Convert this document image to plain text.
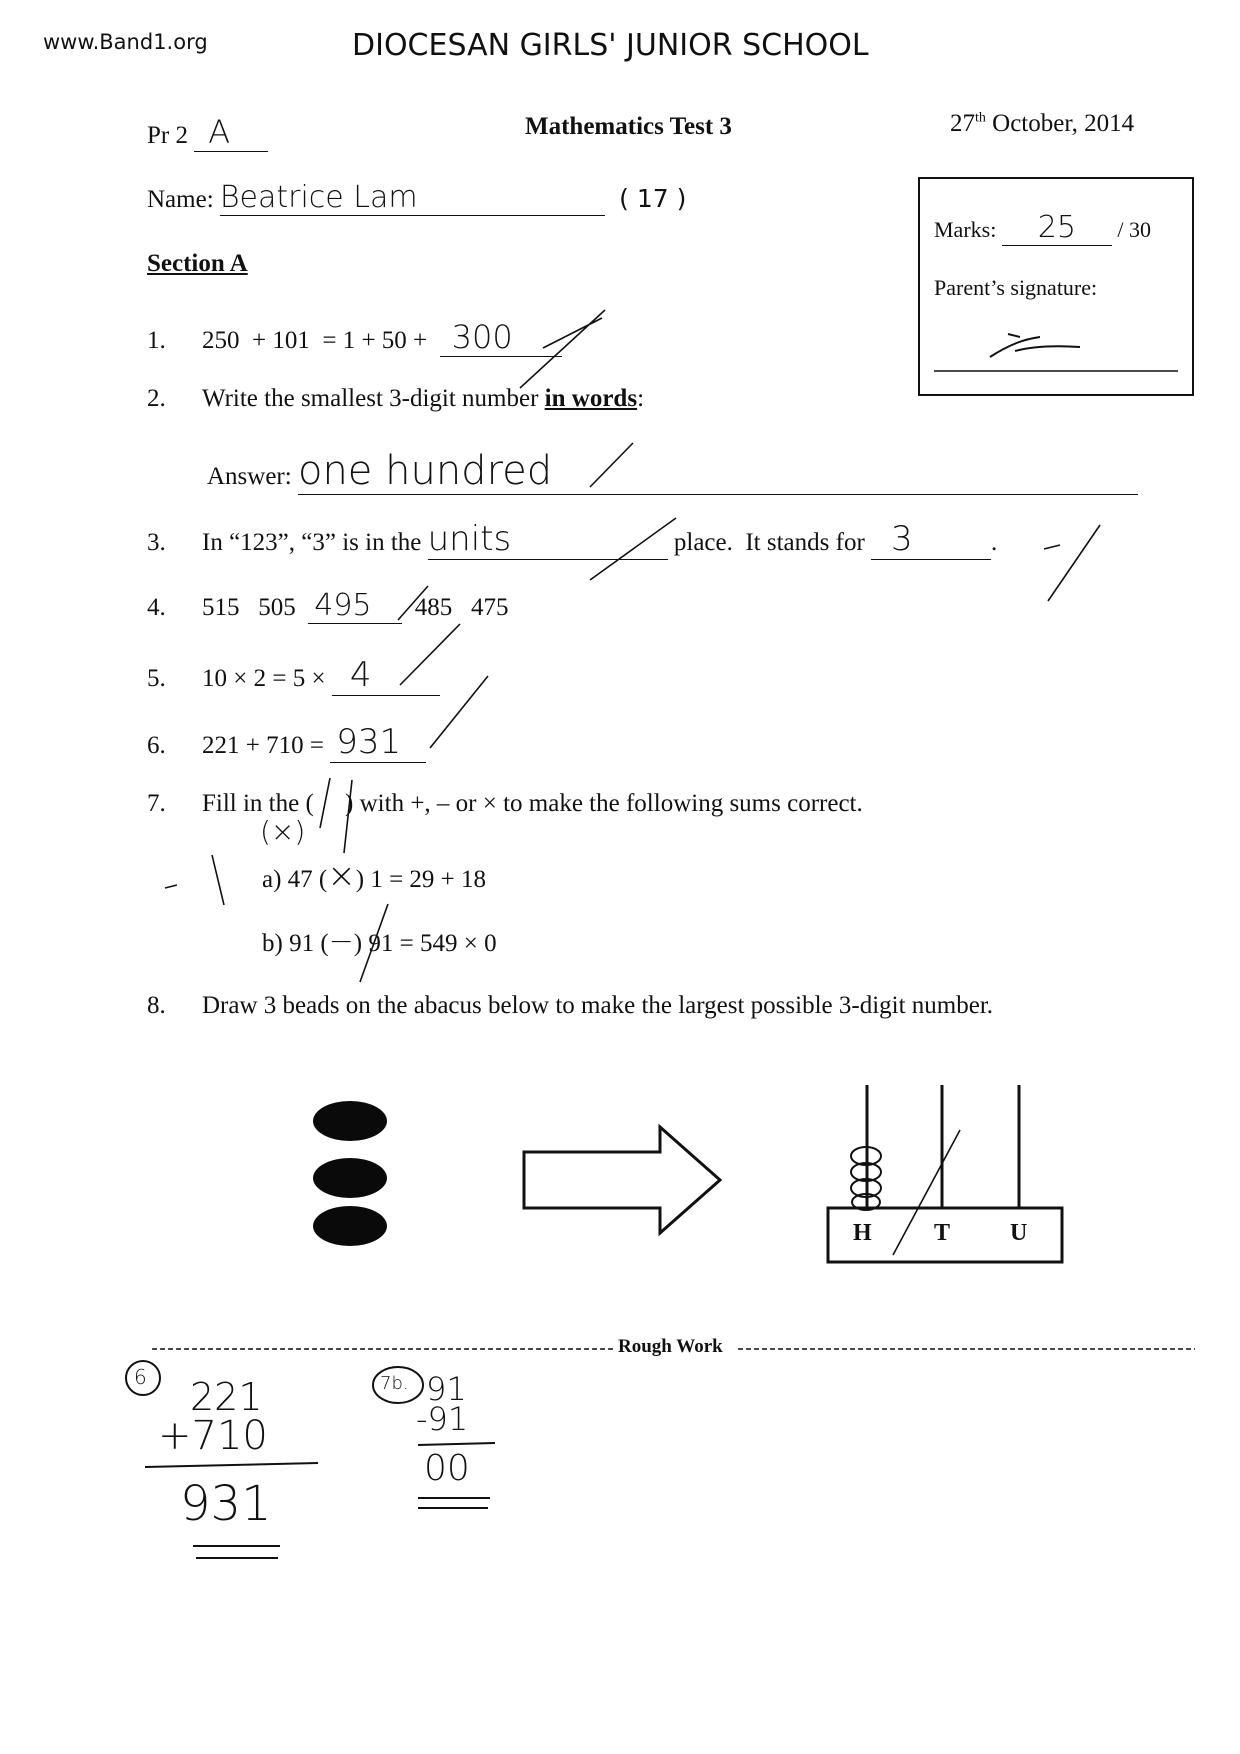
www.Band1.org	DIOCESAN GIRLS' JUNIOR SCHOOL
Pr 2 A	Mathematics Test 3	27th October, 2014
Name: Beatrice Lam	( 17 )
Marks: 25 / 30
Parent’s signature:
Section A
1. 250  + 101  = 1 + 50 +  300
2. Write the smallest 3-digit number in words:
Answer: one hundred
3. In “123”, “3” is in the units	place.  It stands for 3	.
4. 515   505  495  485   475
5. 10 × 2 = 5 × 4
6. 221 + 710 = 931
7. Fill in the (     ) with +, – or × to make the following sums correct.
(×)
a) 47 (×) 1 = 29 + 18
b) 91 (−) 91 = 549 × 0
8. Draw 3 beads on the abacus below to make the largest possible 3-digit number.
H	T U
Rough Work
6 221
+710
931
7b. 91
-91
00
